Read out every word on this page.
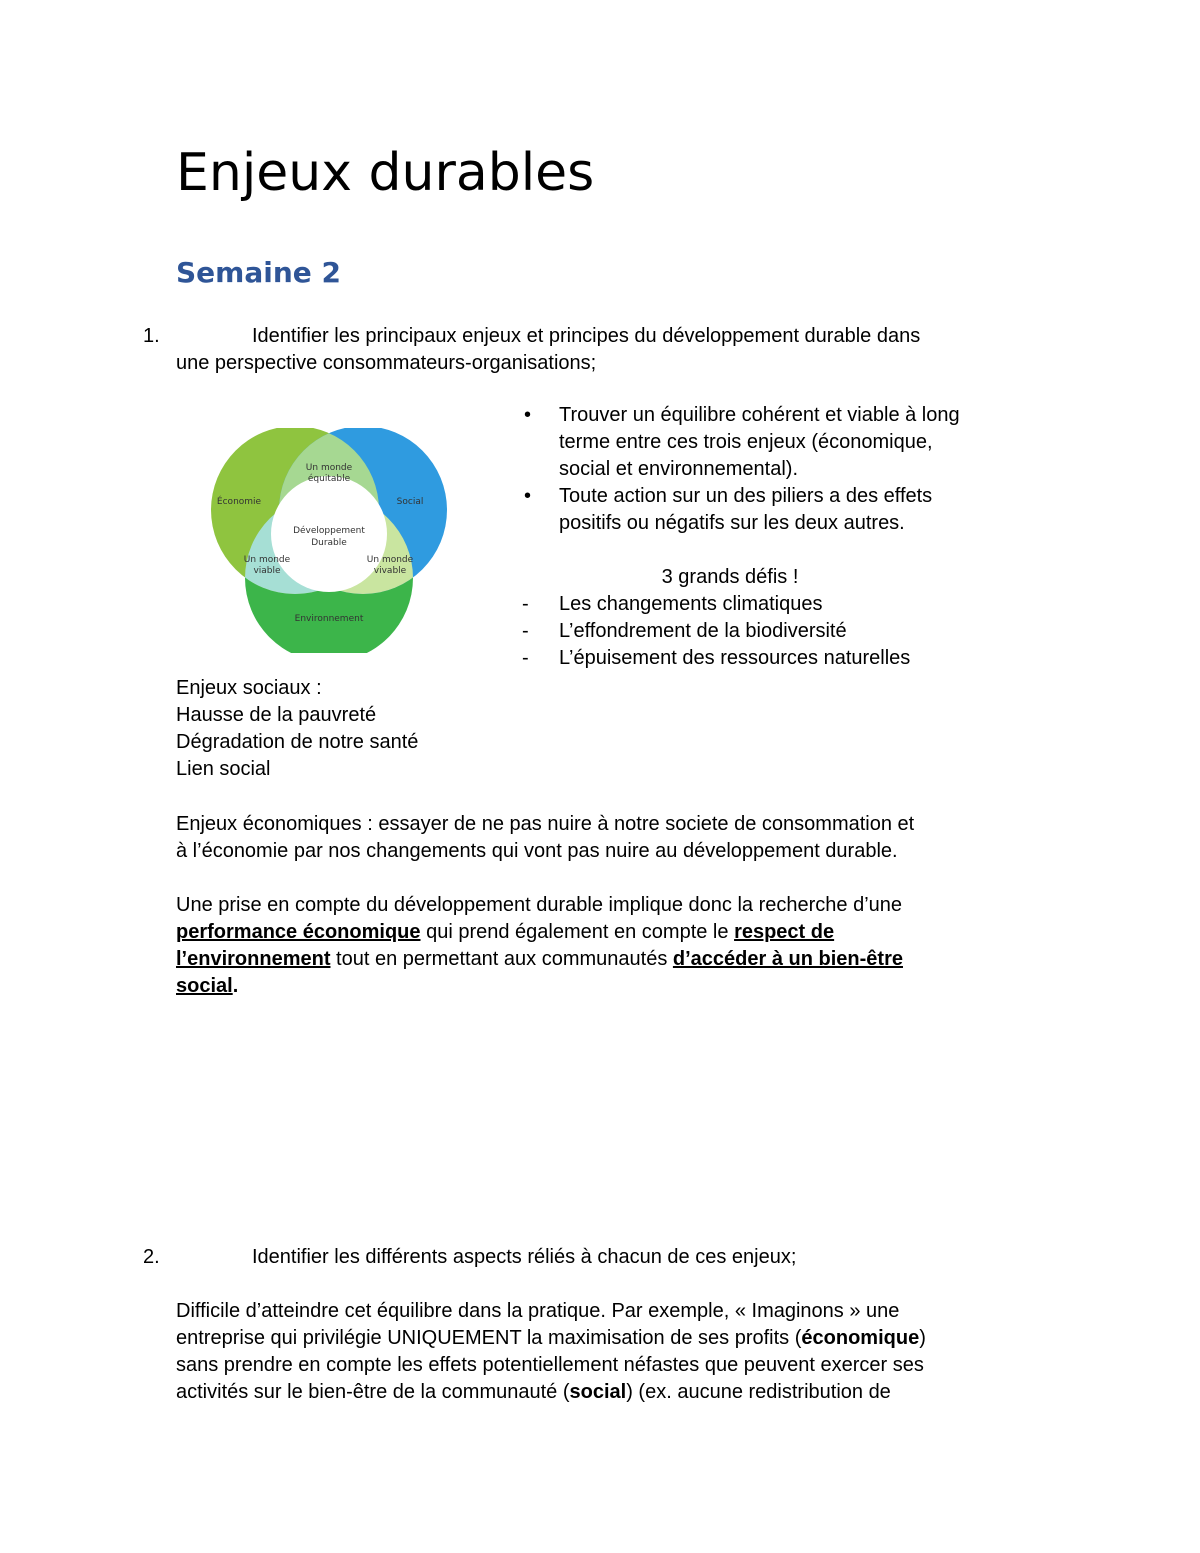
Enjeux durables
Semaine 2
1.	Identifier les principaux enjeux et principes du développement durable dans
une perspective consommateurs-organisations;
Économie	Social
Environnement
Un monde
équitable
Un monde
viable
Un monde
vivable
Développement
Durable
• Trouver un équilibre cohérent et viable à long
terme entre ces trois enjeux (économique,
social et environnemental).
• Toute action sur un des piliers a des effets
positifs ou négatifs sur les deux autres.
3 grands défis !
- Les changements climatiques
- L’effondrement de la biodiversité
- L’épuisement des ressources naturelles
Enjeux sociaux :
Hausse de la pauvreté
Dégradation de notre santé
Lien social
Enjeux économiques : essayer de ne pas nuire à notre societe de consommation et
à l’économie par nos changements qui vont pas nuire au développement durable.
Une prise en compte du développement durable implique donc la recherche d’une
performance économique qui prend également en compte le respect de
l’environnement tout en permettant aux communautés d’accéder à un bien-être
social.
2.	Identifier les différents aspects réliés à chacun de ces enjeux;
Difficile d’atteindre cet équilibre dans la pratique. Par exemple, « Imaginons » une
entreprise qui privilégie UNIQUEMENT la maximisation de ses profits (économique)
sans prendre en compte les effets potentiellement néfastes que peuvent exercer ses
activités sur le bien-être de la communauté (social) (ex. aucune redistribution de
